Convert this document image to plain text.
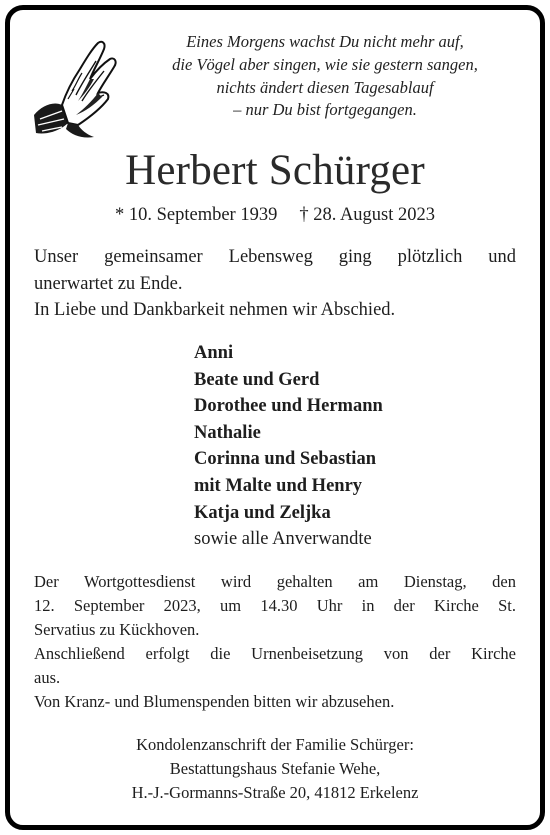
Eines Morgens wachst Du nicht mehr auf,
die Vögel aber singen, wie sie gestern sangen,
nichts ändert diesen Tagesablauf
– nur Du bist fortgegangen.
Herbert Schürger
* 10. September 1939 † 28. August 2023
Unser gemeinsamer Lebensweg ging plötzlich und
unerwartet zu Ende.
In Liebe und Dankbarkeit nehmen wir Abschied.
Anni
Beate und Gerd
Dorothee und Hermann
Nathalie
Corinna und Sebastian
mit Malte und Henry
Katja und Zeljka
sowie alle Anverwandte
Der Wortgottesdienst wird gehalten am Dienstag, den
12. September 2023, um 14.30 Uhr in der Kirche St.
Servatius zu Kückhoven.
Anschließend erfolgt die Urnenbeisetzung von der Kirche
aus.
Von Kranz- und Blumenspenden bitten wir abzusehen.
Kondolenzanschrift der Familie Schürger:
Bestattungshaus Stefanie Wehe,
H.-J.-Gormanns-Straße 20, 41812 Erkelenz
